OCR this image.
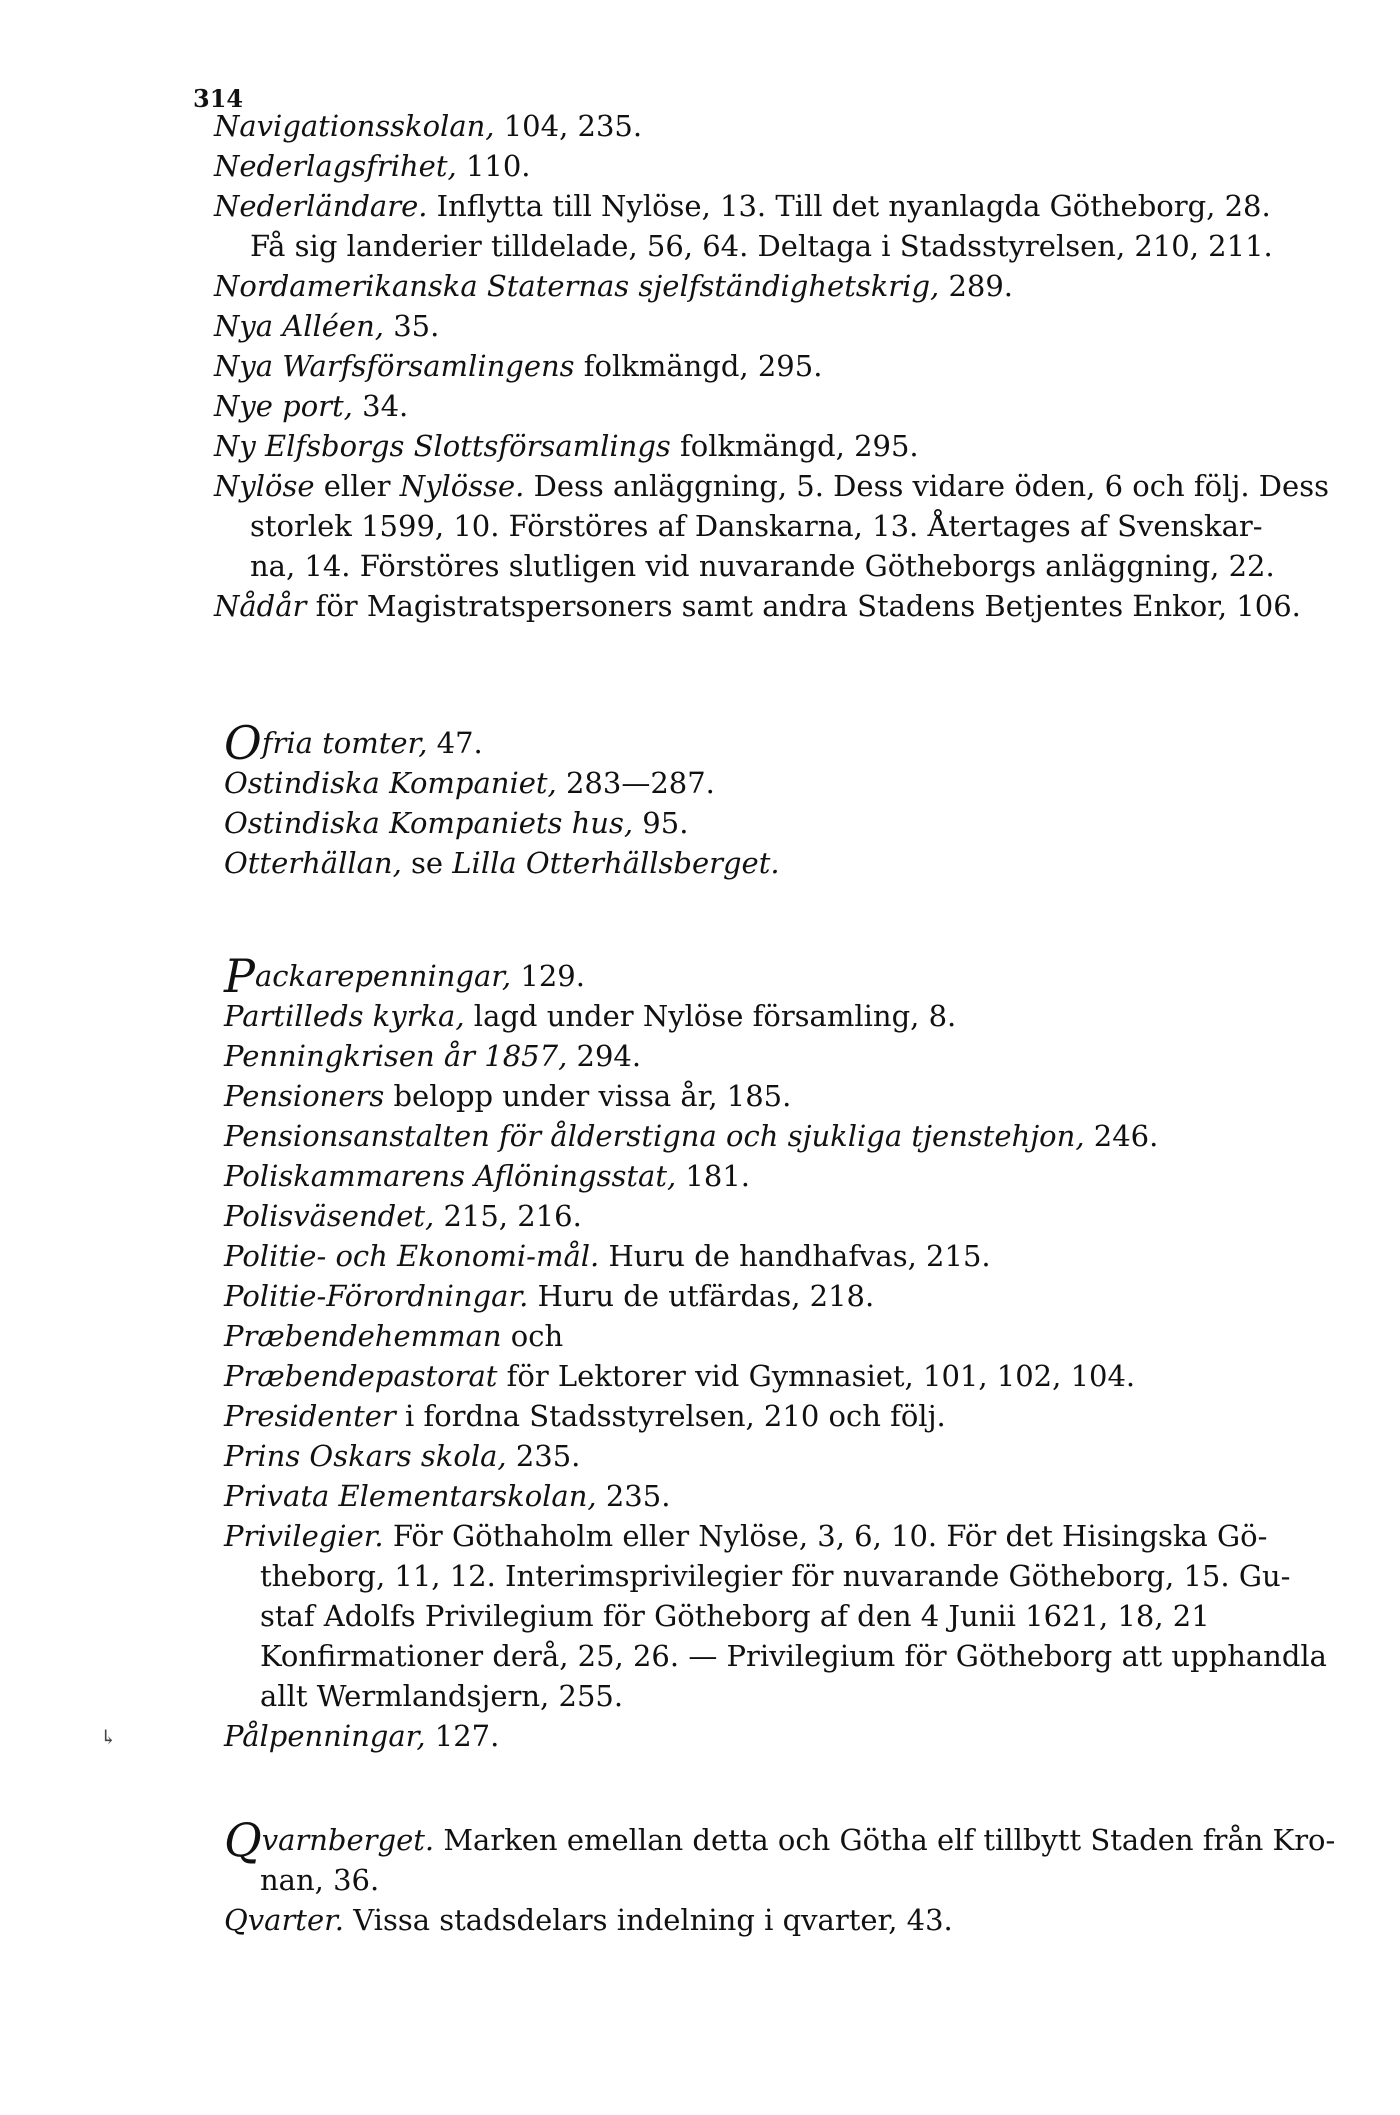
314
Navigationsskolan, 104, 235.
Nederlagsfrihet, 110.
Nederländare. Inflytta till Nylöse, 13. Till det nyanlagda Götheborg, 28.
Få sig landerier tilldelade, 56, 64. Deltaga i Stadsstyrelsen, 210, 211.
Nordamerikanska Staternas sjelfständighetskrig, 289.
Nya Alléen, 35.
Nya Warfsförsamlingens folkmängd, 295.
Nye port, 34.
Ny Elfsborgs Slottsförsamlings folkmängd, 295.
Nylöse eller Nylösse. Dess anläggning, 5. Dess vidare öden, 6 och följ. Dess
storlek 1599, 10. Förstöres af Danskarna, 13. Återtages af Svenskar-
na, 14. Förstöres slutligen vid nuvarande Götheborgs anläggning, 22.
Nådår för Magistratspersoners samt andra Stadens Betjentes Enkor, 106.
Ofria tomter, 47.
Ostindiska Kompaniet, 283—287.
Ostindiska Kompaniets hus, 95.
Otterhällan, se Lilla Otterhällsberget.
Packarepenningar, 129.
Partilleds kyrka, lagd under Nylöse församling, 8.
Penningkrisen år 1857, 294.
Pensioners belopp under vissa år, 185.
Pensionsanstalten för ålderstigna och sjukliga tjenstehjon, 246.
Poliskammarens Aflöningsstat, 181.
Polisväsendet, 215, 216.
Politie- och Ekonomi-mål. Huru de handhafvas, 215.
Politie-Förordningar. Huru de utfärdas, 218.
Præbendehemman och
Præbendepastorat för Lektorer vid Gymnasiet, 101, 102, 104.
Presidenter i fordna Stadsstyrelsen, 210 och följ.
Prins Oskars skola, 235.
Privata Elementarskolan, 235.
Privilegier. För Göthaholm eller Nylöse, 3, 6, 10. För det Hisingska Gö-
theborg, 11, 12. Interimsprivilegier för nuvarande Götheborg, 15. Gu-
staf Adolfs Privilegium för Götheborg af den 4 Junii 1621, 18, 21
Konfirmationer derå, 25, 26. — Privilegium för Götheborg att upphandla
allt Wermlandsjern, 255.
Pålpenningar, 127.
Qvarnberget. Marken emellan detta och Götha elf tillbytt Staden från Kro-
nan, 36.
Qvarter. Vissa stadsdelars indelning i qvarter, 43.
↳
